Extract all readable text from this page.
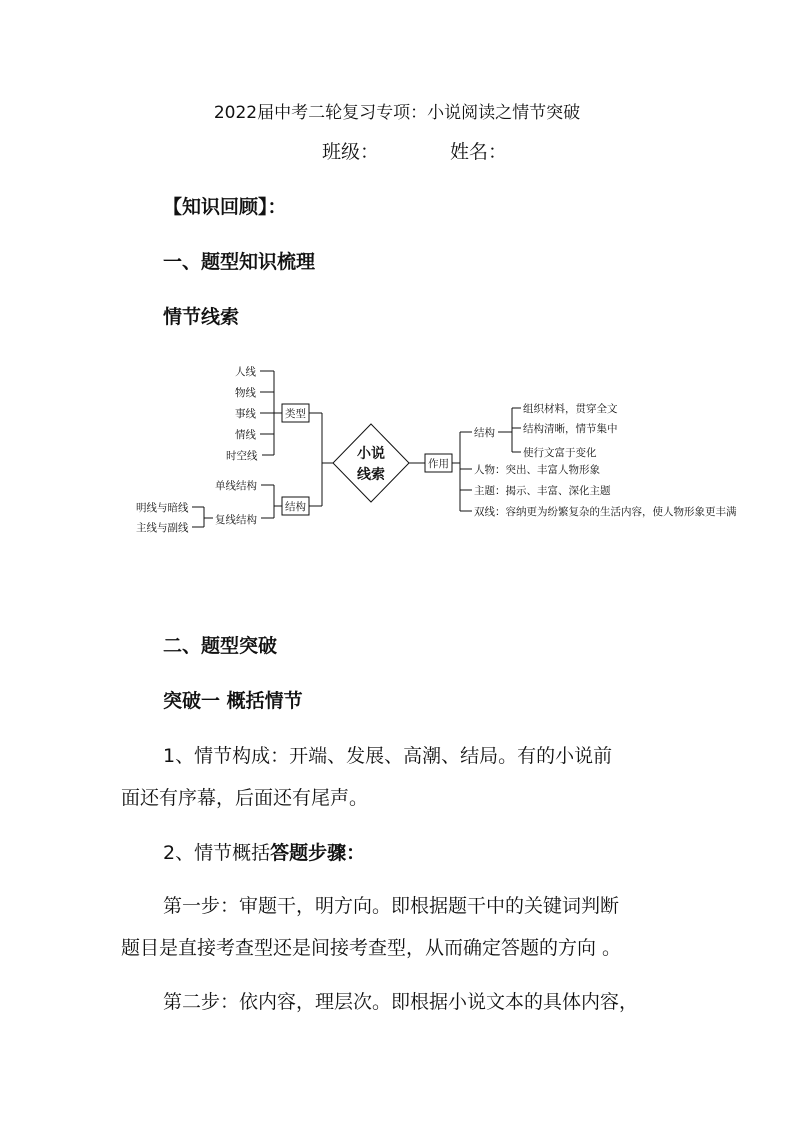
2022届中考二轮复习专项：小说阅读之情节突破
班级：	姓名：
【知识回顾】：
一、题型知识梳理
情节线索
人线
物线
事线
情线
时空线
类型
单线结构
复线结构
明线与暗线
主线与副线
结构
小说
线索
作用
结构
组织材料，贯穿全文
结构清晰，情节集中
使行文富于变化
人物：突出、丰富人物形象
主题：揭示、丰富、深化主题
双线：容纳更为纷繁复杂的生活内容，使人物形象更丰满
二、题型突破
突破一 概括情节
1、情节构成：开端、发展、高潮、结局。有的小说前
面还有序幕，后面还有尾声。
2、情节概括答题步骤：
第一步：审题干，明方向。即根据题干中的关键词判断
题目是直接考查型还是间接考查型，从而确定答题的方向 。
第二步：依内容，理层次。即根据小说文本的具体内容，
